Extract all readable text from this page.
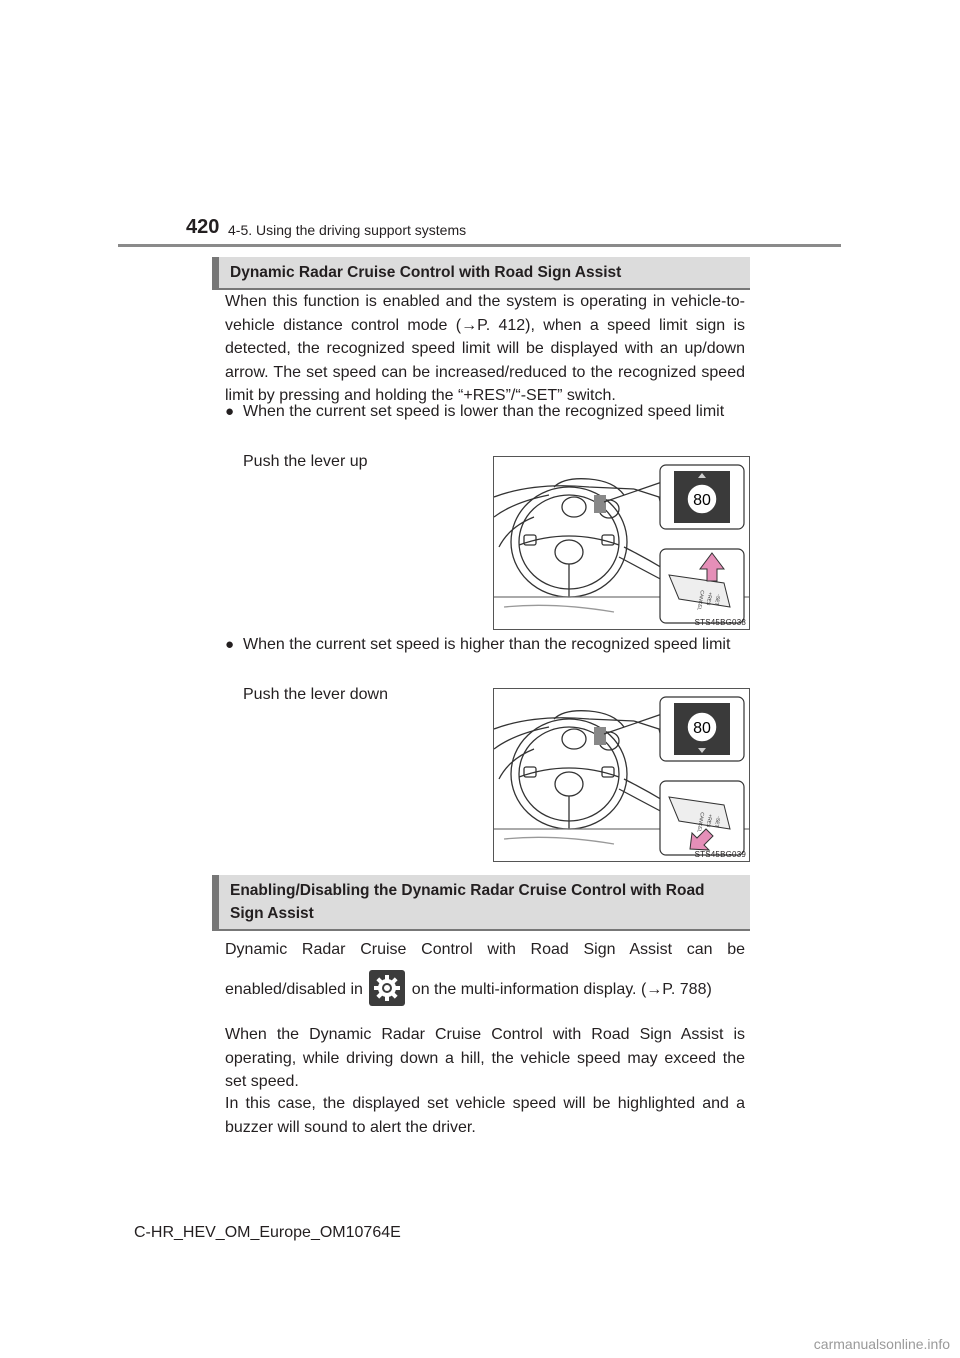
420 4-5. Using the driving support systems
Dynamic Radar Cruise Control with Road Sign Assist
When this function is enabled and the system is operating in vehicle-to-vehicle distance control mode (→P. 412), when a speed limit sign is detected, the recognized speed limit will be displayed with an up/down arrow. The set speed can be increased/reduced to the recognized speed limit by pressing and holding the “+RES”/“-SET” switch.
● When the current set speed is lower than the recognized speed limit
Push the lever up
80
CANCEL +RES -SET
STS45BG038
● When the current set speed is higher than the recognized speed limit
Push the lever down
80
CANCEL +RES -SET
STS45BG039
Enabling/Disabling the Dynamic Radar Cruise Control with Road Sign Assist
Dynamic Radar Cruise Control with Road Sign Assist can be enabled/disabled in	on the multi-information display. (→P. 788)
When the Dynamic Radar Cruise Control with Road Sign Assist is operating, while driving down a hill, the vehicle speed may exceed the set speed.
In this case, the displayed set vehicle speed will be highlighted and a buzzer will sound to alert the driver.
C-HR_HEV_OM_Europe_OM10764E
carmanualsonline.info
